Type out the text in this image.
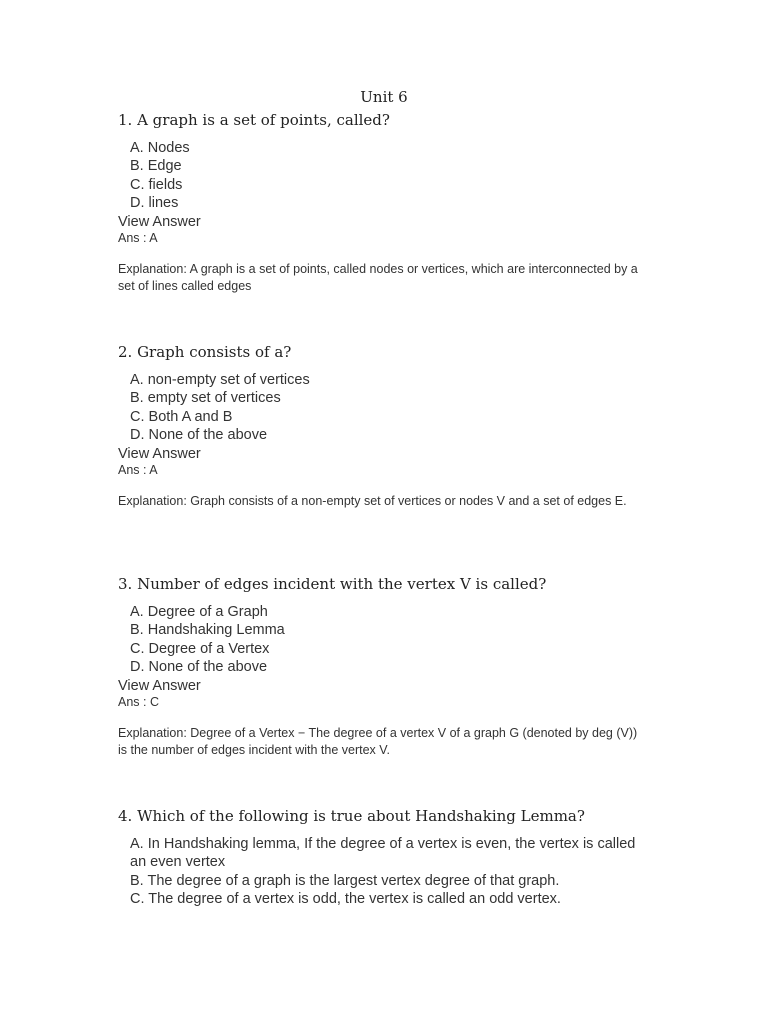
Unit 6
1. A graph is a set of points, called?
A. Nodes
B. Edge
C. fields
D. lines
View Answer
Ans : A
Explanation: A graph is a set of points, called nodes or vertices, which are interconnected by a set of lines called edges
2. Graph consists of a?
A. non-empty set of vertices
B. empty set of vertices
C. Both A and B
D. None of the above
View Answer
Ans : A
Explanation: Graph consists of a non-empty set of vertices or nodes V and a set of edges E.
3. Number of edges incident with the vertex V is called?
A. Degree of a Graph
B. Handshaking Lemma
C. Degree of a Vertex
D. None of the above
View Answer
Ans : C
Explanation: Degree of a Vertex − The degree of a vertex V of a graph G (denoted by deg (V)) is the number of edges incident with the vertex V.
4. Which of the following is true about Handshaking Lemma?
A. In Handshaking lemma, If the degree of a vertex is even, the vertex is called an even vertex
B. The degree of a graph is the largest vertex degree of that graph.
C. The degree of a vertex is odd, the vertex is called an odd vertex.
